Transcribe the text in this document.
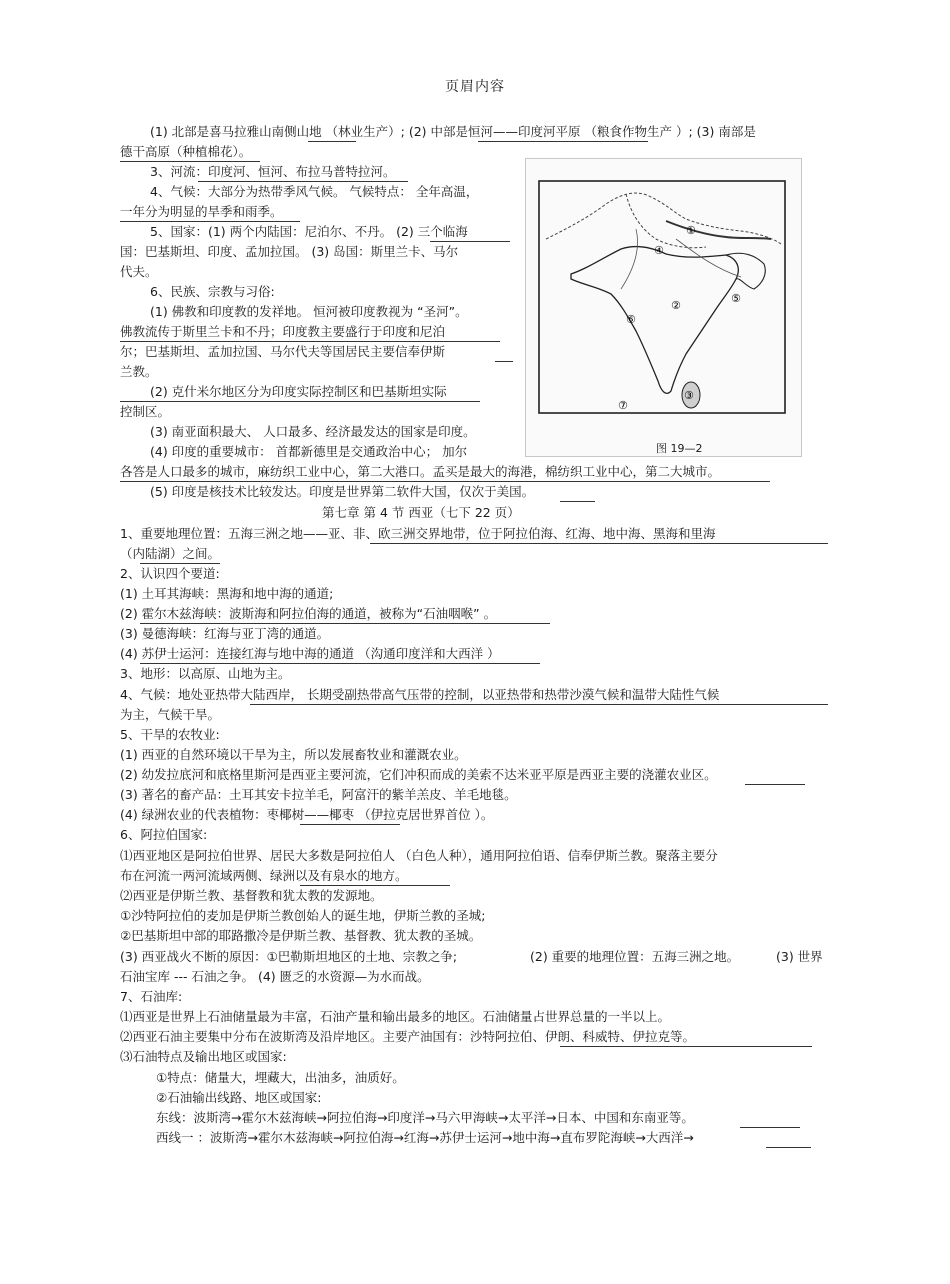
页眉内容
(1) 北部是喜马拉雅山南侧山地 （林业生产）; (2) 中部是恒河——印度河平原 （粮食作物生产 ）; (3) 南部是
德干高原（种植棉花）。
3、河流：印度河、恒河、布拉马普特拉河。
4、气候：大部分为热带季风气候。 气候特点： 全年高温，
一年分为明显的旱季和雨季。
5、国家：(1) 两个内陆国：尼泊尔、不丹。 (2) 三个临海
国：巴基斯坦、印度、孟加拉国。 (3) 岛国：斯里兰卡、马尔
代夫。
6、民族、宗教与习俗:
(1) 佛教和印度教的发祥地。 恒河被印度教视为 “圣河”。
佛教流传于斯里兰卡和不丹；印度教主要盛行于印度和尼泊
尔；巴基斯坦、孟加拉国、马尔代夫等国居民主要信奉伊斯
兰教。
(2) 克什米尔地区分为印度实际控制区和巴基斯坦实际
控制区。
(3) 南亚面积最大、 人口最多、经济最发达的国家是印度。
(4) 印度的重要城市： 首都新德里是交通政治中心； 加尔
各答是人口最多的城市，麻纺织工业中心，第二大港口。孟买是最大的海港，棉纺织工业中心，第二大城市。
(5) 印度是核技术比较发达。印度是世界第二软件大国，仅次于美国。
④
②
⑥
⑤
①
③
⑦
图 19—2
第七章 第 4 节 西亚（七下 22 页）
1、重要地理位置：五海三洲之地——亚、非、欧三洲交界地带，位于阿拉伯海、红海、地中海、黑海和里海
（内陆湖）之间。
2、认识四个要道:
(1) 土耳其海峡：黑海和地中海的通道;
(2) 霍尔木兹海峡：波斯海和阿拉伯海的通道，被称为“石油咽喉” 。
(3) 曼德海峡：红海与亚丁湾的通道。
(4) 苏伊士运河：连接红海与地中海的通道 （沟通印度洋和大西洋 ）
3、地形：以高原、山地为主。
4、气候：地处亚热带大陆西岸， 长期受副热带高气压带的控制，以亚热带和热带沙漠气候和温带大陆性气候
为主，气候干旱。
5、干旱的农牧业:
(1) 西亚的自然环境以干旱为主，所以发展畜牧业和灌溉农业。
(2) 幼发拉底河和底格里斯河是西亚主要河流，它们冲积而成的美索不达米亚平原是西亚主要的浇灌农业区。
(3) 著名的畜产品：土耳其安卡拉羊毛，阿富汗的紫羊羔皮、羊毛地毯。
(4) 绿洲农业的代表植物：枣椰树——椰枣 （伊拉克居世界首位 ）。
6、阿拉伯国家:
⑴西亚地区是阿拉伯世界、居民大多数是阿拉伯人 （白色人种），通用阿拉伯语、信奉伊斯兰教。聚落主要分
布在河流一两河流域两侧、绿洲以及有泉水的地方。
⑵西亚是伊斯兰教、基督教和犹太教的发源地。
①沙特阿拉伯的麦加是伊斯兰教创始人的诞生地，伊斯兰教的圣城;
②巴基斯坦中部的耶路撒冷是伊斯兰教、基督教、犹太教的圣城。
(3) 西亚战火不断的原因：①巴勒斯坦地区的土地、宗教之争;	(2) 重要的地理位置：五海三洲之地。	(3) 世界
石油宝库 --- 石油之争。 (4) 匮乏的水资源—为水而战。
7、石油库:
⑴西亚是世界上石油储量最为丰富，石油产量和输出最多的地区。石油储量占世界总量的一半以上。
⑵西亚石油主要集中分布在波斯湾及沿岸地区。主要产油国有：沙特阿拉伯、伊朗、科威特、伊拉克等。
⑶石油特点及输出地区或国家:
①特点：储量大，埋藏大，出油多，油质好。
②石油输出线路、地区或国家:
东线：波斯湾→霍尔木兹海峡→阿拉伯海→印度洋→马六甲海峡→太平洋→日本、中国和东南亚等。
西线一 ：波斯湾→霍尔木兹海峡→阿拉伯海→红海→苏伊士运河→地中海→直布罗陀海峡→大西洋→
